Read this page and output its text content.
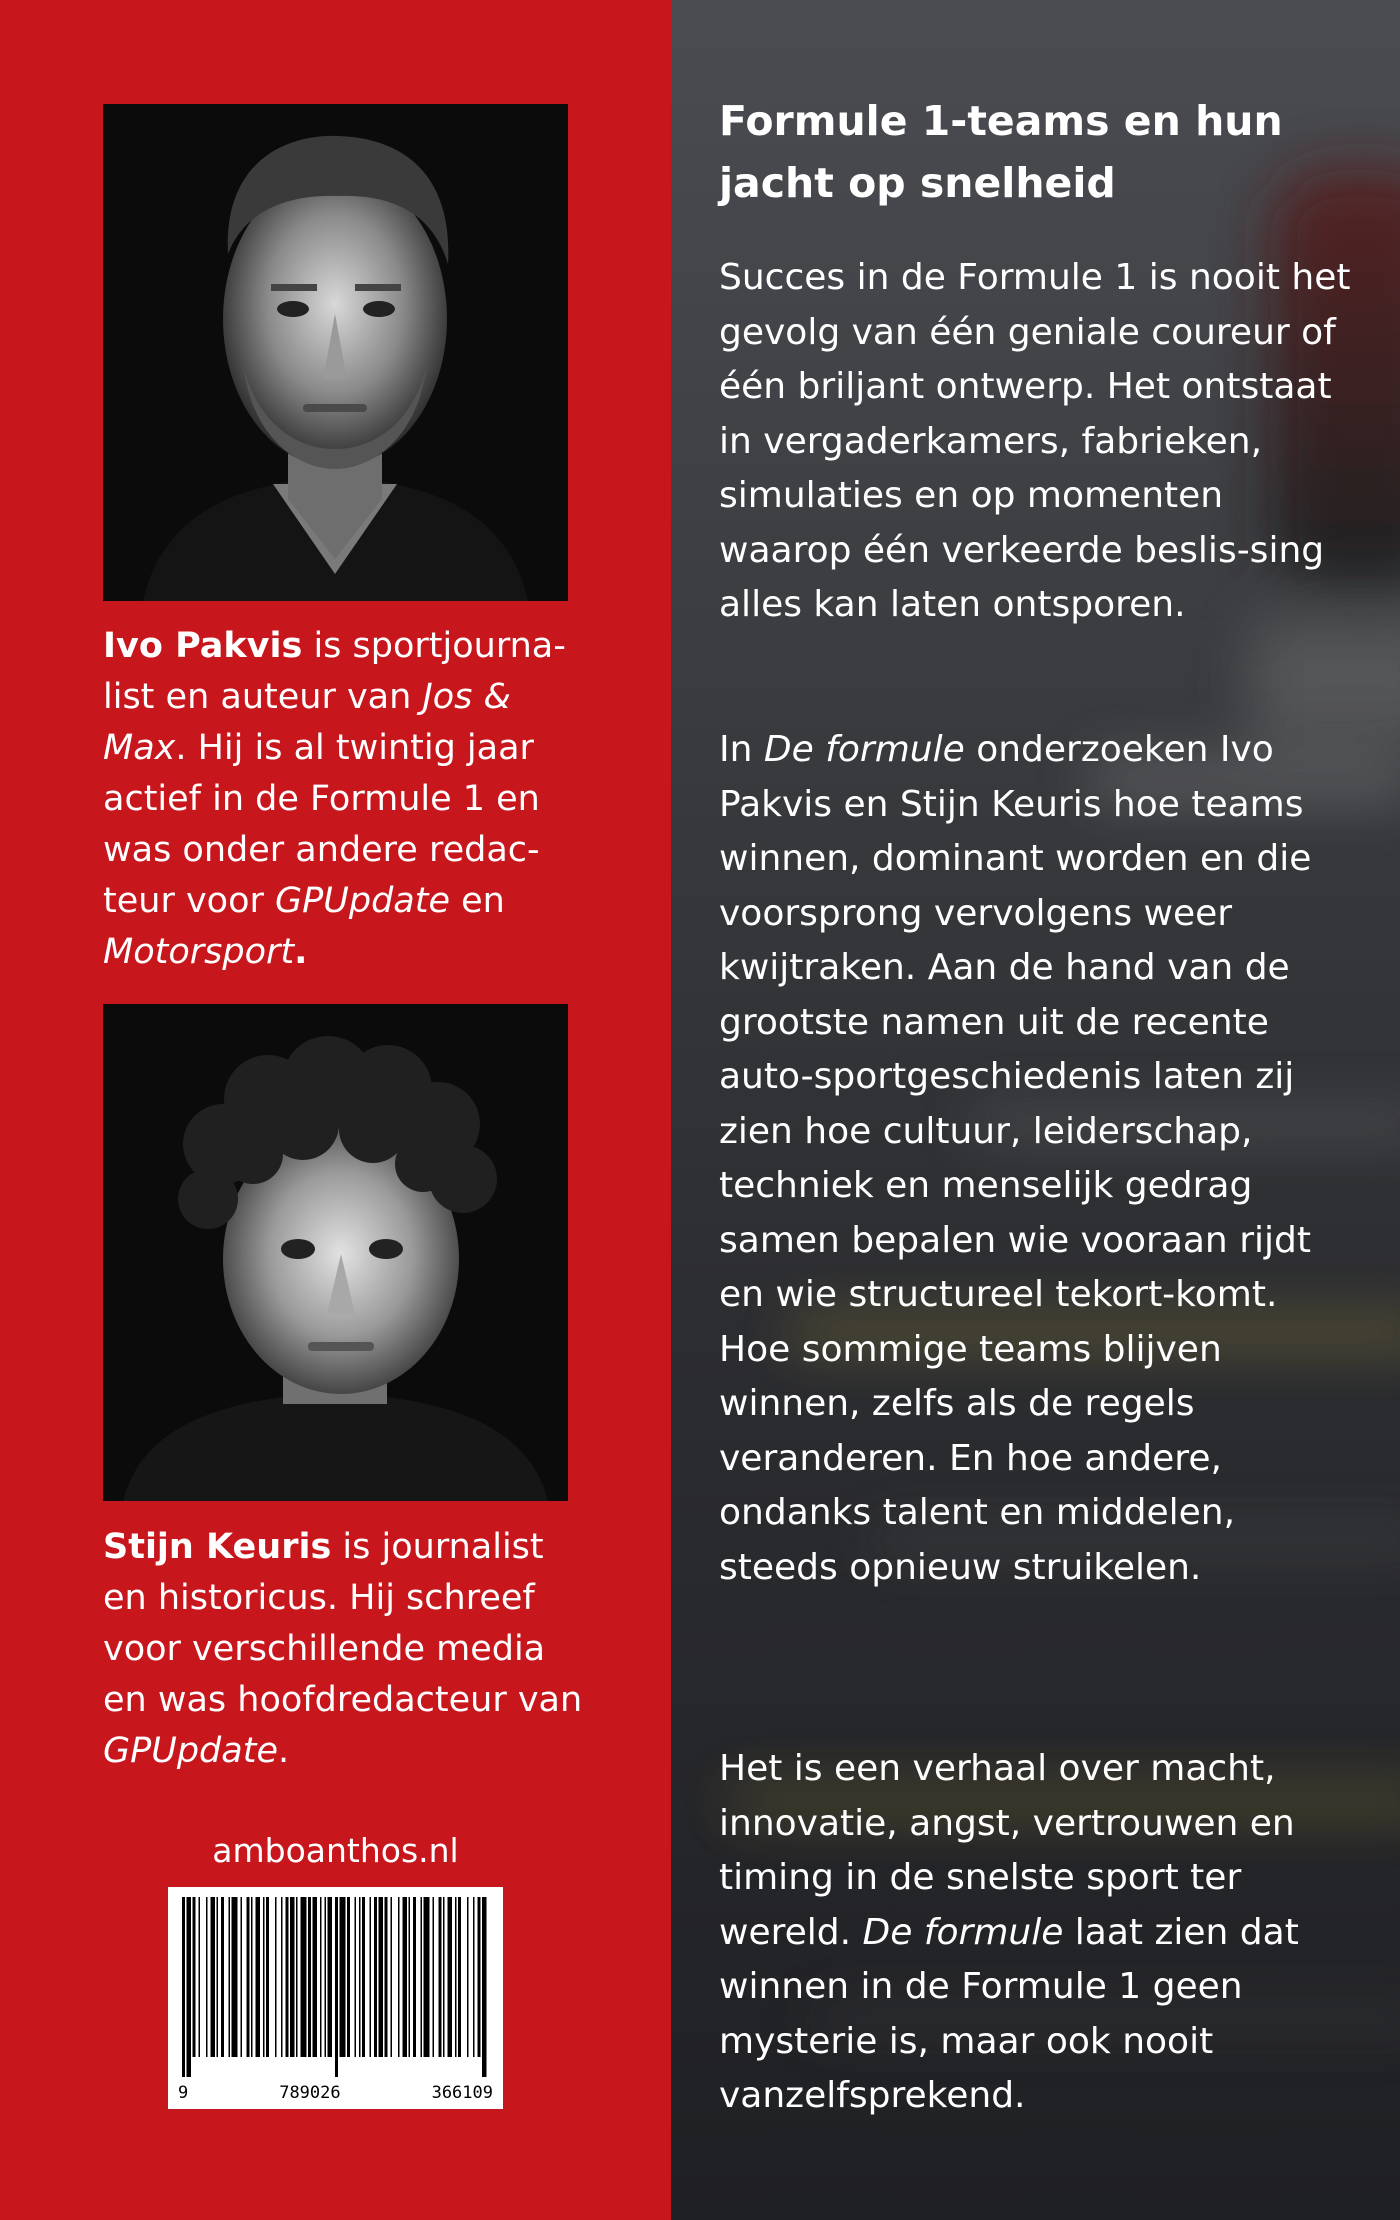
Ivo Pakvis is sportjourna-list en auteur van Jos & Max. Hij is al twintig jaar actief in de Formule 1 en was onder andere redac-teur voor GPUpdate en Motorsport.

Stijn Keuris is journalist en historicus. Hij schreef voor verschillende media en was hoofdredacteur van GPUpdate.

amboanthos.nl
9	789026	366109
Formule 1-teams en hun jacht op snelheid

Succes in de Formule 1 is nooit het gevolg van één geniale coureur of één briljant ontwerp. Het ontstaat in vergaderkamers, fabrieken, simulaties en op momenten waarop één verkeerde beslis-sing alles kan laten ontsporen.

In De formule onderzoeken Ivo Pakvis en Stijn Keuris hoe teams winnen, dominant worden en die voorsprong vervolgens weer kwijtraken. Aan de hand van de grootste namen uit de recente auto-sportgeschiedenis laten zij zien hoe cultuur, leiderschap, techniek en menselijk gedrag samen bepalen wie vooraan rijdt en wie structureel tekort-komt. Hoe sommige teams blijven winnen, zelfs als de regels veranderen. En hoe andere, ondanks talent en middelen, steeds opnieuw struikelen.

Het is een verhaal over macht, innovatie, angst, vertrouwen en timing in de snelste sport ter wereld. De formule laat zien dat winnen in de Formule 1 geen mysterie is, maar ook nooit vanzelfsprekend.
